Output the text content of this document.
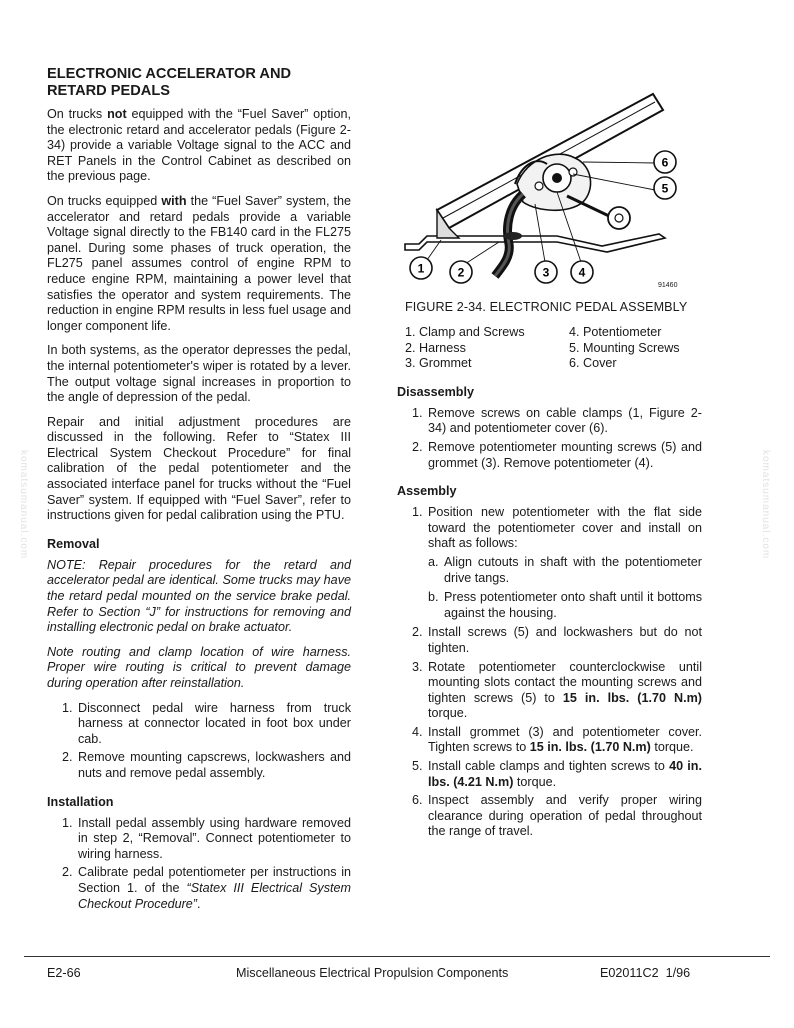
ELECTRONIC ACCELERATOR AND RETARD PEDALS

On trucks not equipped with the “Fuel Saver” option, the electronic retard and accelerator pedals (Figure 2-34) provide a variable Voltage signal to the ACC and RET Panels in the Control Cabinet as described on the previous page.

On trucks equipped with the “Fuel Saver” system, the accelerator and retard pedals provide a variable Voltage signal directly to the FB140 card in the FL275 panel. During some phases of truck operation, the FL275 panel assumes control of engine RPM to reduce engine RPM, maintaining a power level that satisfies the operator and system requirements. The reduction in engine RPM results in less fuel usage and longer component life.

In both systems, as the operator depresses the pedal, the internal potentiometer's wiper is rotated by a lever. The output voltage signal increases in proportion to the angle of depression of the pedal.

Repair and initial adjustment procedures are discussed in the following. Refer to “Statex III Electrical System Checkout Procedure” for final calibration of the pedal potentiometer and the associated interface panel for trucks without the “Fuel Saver” system. If equipped with “Fuel Saver”, refer to instructions given for pedal calibration using the PTU.

Removal

NOTE: Repair procedures for the retard and accelerator pedal are identical. Some trucks may have the retard pedal mounted on the service brake pedal. Refer to Section “J” for instructions for removing and installing electronic pedal on brake actuator.

Note routing and clamp location of wire harness. Proper wire routing is critical to prevent damage during operation after reinstallation.

1. Disconnect pedal wire harness from truck harness at connector located in foot box under cab.
2. Remove mounting capscrews, lockwashers and nuts and remove pedal assembly.
Installation
1. Install pedal assembly using hardware removed in step 2, “Removal”. Connect potentiometer to wiring harness.
2. Calibrate pedal potentiometer per instructions in Section 1. of the “Statex III Electrical System Checkout Procedure”.
1	2	3 4
5
6
91460
FIGURE 2-34. ELECTRONIC PEDAL ASSEMBLY
1. Clamp and Screws	4. Potentiometer
2. Harness	5. Mounting Screws
3. Grommet	6. Cover
Disassembly
1. Remove screws on cable clamps (1, Figure 2-34) and potentiometer cover (6).
2. Remove potentiometer mounting screws (5) and grommet (3). Remove potentiometer (4).
Assembly
1. Position new potentiometer with the flat side toward the potentiometer cover and install on shaft as follows:
a. Align cutouts in shaft with the potentiometer drive tangs.
b. Press potentiometer onto shaft until it bottoms against the housing.
2. Install screws (5) and lockwashers but do not tighten.
3. Rotate potentiometer counterclockwise until mounting slots contact the mounting screws and tighten screws (5) to 15 in. lbs. (1.70 N.m) torque.
4. Install grommet (3) and potentiometer cover. Tighten screws to 15 in. lbs. (1.70 N.m) torque.
5. Install cable clamps and tighten screws to 40 in. lbs. (4.21 N.m) torque.
6. Inspect assembly and verify proper wiring clearance during operation of pedal throughout the range of travel.
komatsumanual.com	komatsumanual.com
E2-66	Miscellaneous Electrical Propulsion Components	E02011C2  1/96
